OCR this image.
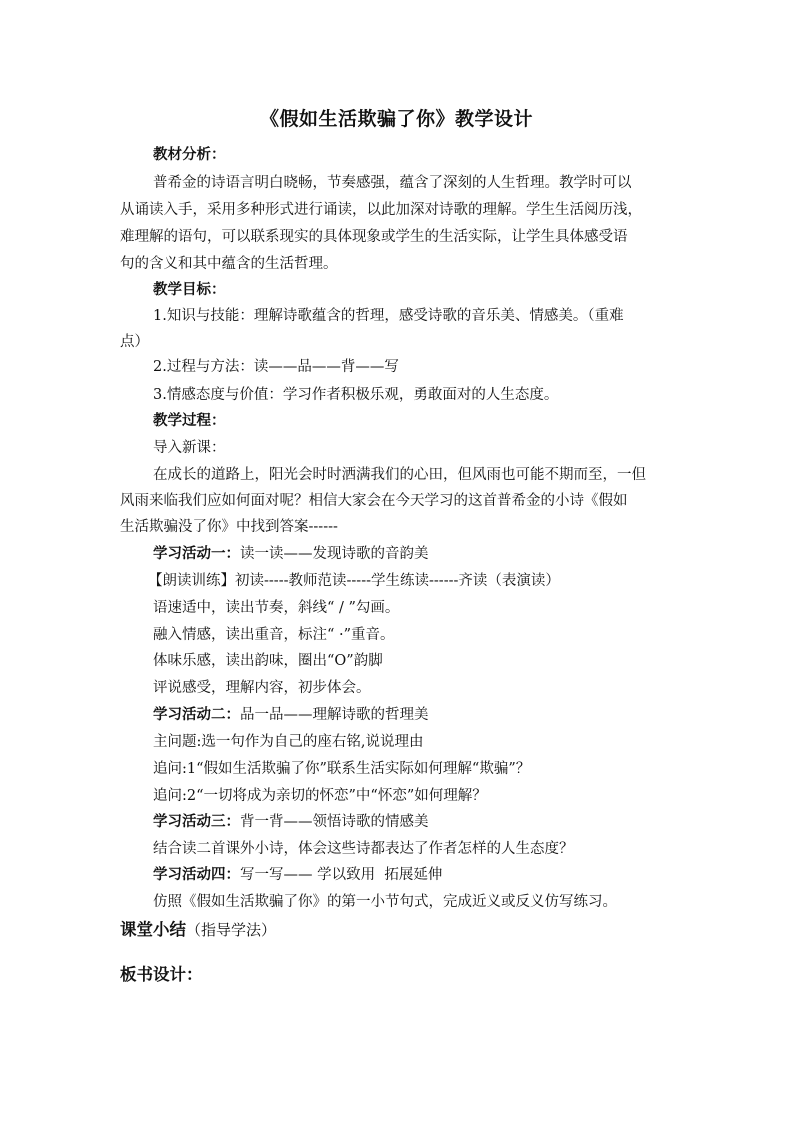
《假如生活欺骗了你》教学设计
教材分析：
普希金的诗语言明白晓畅，节奏感强，蕴含了深刻的人生哲理。教学时可以
从诵读入手，采用多种形式进行诵读，以此加深对诗歌的理解。学生生活阅历浅，
难理解的语句，可以联系现实的具体现象或学生的生活实际，让学生具体感受语
句的含义和其中蕴含的生活哲理。
教学目标：
1.知识与技能：理解诗歌蕴含的哲理，感受诗歌的音乐美、情感美。（重难
点）
2.过程与方法：读——品——背——写
3.情感态度与价值：学习作者积极乐观，勇敢面对的人生态度。
教学过程：
导入新课：
在成长的道路上，阳光会时时洒满我们的心田，但风雨也可能不期而至，一但
风雨来临我们应如何面对呢？相信大家会在今天学习的这首普希金的小诗《假如
生活欺骗没了你》中找到答案------
学习活动一：读一读——发现诗歌的音韵美
【朗读训练】初读-----教师范读-----学生练读------齐读（表演读）
语速适中，读出节奏，斜线“ / ”勾画。
融入情感，读出重音，标注“ ·”重音。
体味乐感，读出韵味，圈出“O”韵脚
评说感受，理解内容，初步体会。
学习活动二：品一品——理解诗歌的哲理美
主问题:选一句作为自己的座右铭,说说理由
追问:1“假如生活欺骗了你”联系生活实际如何理解“欺骗”？
追问:2“一切将成为亲切的怀恋”中“怀恋”如何理解？
学习活动三：背一背——领悟诗歌的情感美
结合读二首课外小诗，体会这些诗都表达了作者怎样的人生态度？
学习活动四：写一写—— 学以致用  拓展延伸
仿照《假如生活欺骗了你》的第一小节句式，完成近义或反义仿写练习。
课堂小结（指导学法）
板书设计：
